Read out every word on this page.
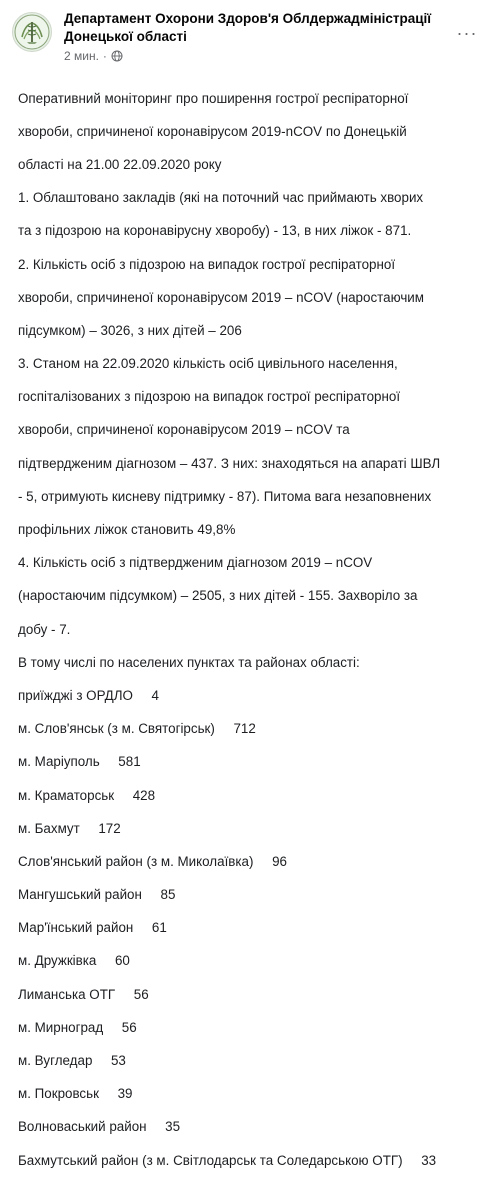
Департамент Охорони Здоров'я Облдержадміністрації Донецької області
2 мин. ·
···

Оперативний моніторинг про поширення гострої респіраторної

хвороби, спричиненої коронавірусом 2019-nCOV по Донецькій

області на 21.00 22.09.2020 року

1. Облаштовано закладів (які на поточний час приймають хворих

та з підозрою на коронавірусну хворобу) - 13, в них ліжок - 871.

2. Кількість осіб з підозрою на випадок гострої респіраторної

хвороби, спричиненої коронавірусом 2019 – nCOV (наростаючим

підсумком) – 3026, з них дітей – 206

3. Станом на 22.09.2020 кількість осіб цивільного населення,

госпіталізованих з підозрою на випадок гострої респіраторної

хвороби, спричиненої коронавірусом 2019 – nCOV та

підтвердженим діагнозом – 437. З них: знаходяться на апараті ШВЛ

- 5, отримують кисневу підтримку - 87). Питома вага незаповнених

профільних ліжок становить 49,8%

4. Кількість осіб з підтвердженим діагнозом 2019 – nCOV

(наростаючим підсумком) – 2505, з них дітей - 155. Захворіло за

добу - 7.

В тому числі по населених пунктах та районах області:

приїжджі з ОРДЛО     4

м. Слов'янськ (з м. Святогірськ)     712

м. Маріуполь     581

м. Краматорськ     428

м. Бахмут     172

Слов'янський район (з м. Миколаївка)     96

Мангушський район     85

Мар'їнський район     61

м. Дружківка     60

Лиманська ОТГ     56

м. Мирноград     56

м. Вугледар     53

м. Покровськ     39

Волноваський район     35

Бахмутський район (з м. Світлодарськ та Соледарською ОТГ)     33
